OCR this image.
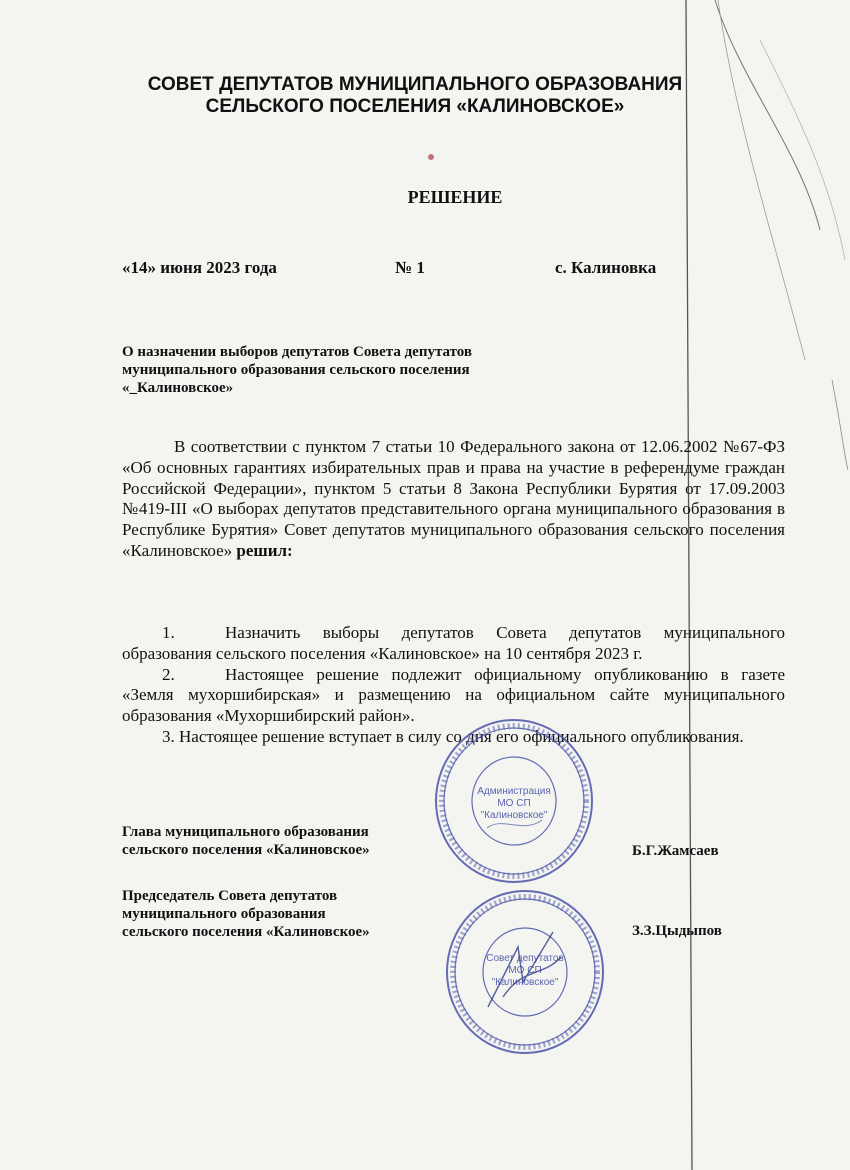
СОВЕТ ДЕПУТАТОВ МУНИЦИПАЛЬНОГО ОБРАЗОВАНИЯ
СЕЛЬСКОГО ПОСЕЛЕНИЯ «КАЛИНОВСКОЕ»
РЕШЕНИЕ
«14» июня 2023 года	№ 1	с. Калиновка
О назначении выборов депутатов Совета депутатов
муниципального образования сельского поселения
«_Калиновское»

В соответствии с пунктом 7 статьи 10 Федерального закона от 12.06.2002 №67-ФЗ «Об основных гарантиях избирательных прав и права на участие в референдуме граждан Российской Федерации», пунктом 5 статьи 8 Закона Республики Бурятия от 17.09.2003 №419-III «О выборах депутатов представительного органа муниципального образования в Республике Бурятия» Совет депутатов муниципального образования сельского поселения «Калиновское» решил:

1.	Назначить выборы депутатов Совета депутатов муниципального образования сельского поселения «Калиновское» на 10 сентября 2023 г.

2.	Настоящее решение подлежит официальному опубликованию в газете «Земля мухоршибирская» и размещению на официальном сайте муниципального образования «Мухоршибирский район».

3. Настоящее решение вступает в силу со дня его официального опубликования.

Администрация
МО СП
"Калиновское"
Совет депутатов
МО СП
"Калиновское"
Глава муниципального образования
сельского поселения «Калиновское»	Б.Г.Жамсаев
Председатель Совета депутатов
муниципального образования
сельского поселения «Калиновское»	З.З.Цыдыпов
